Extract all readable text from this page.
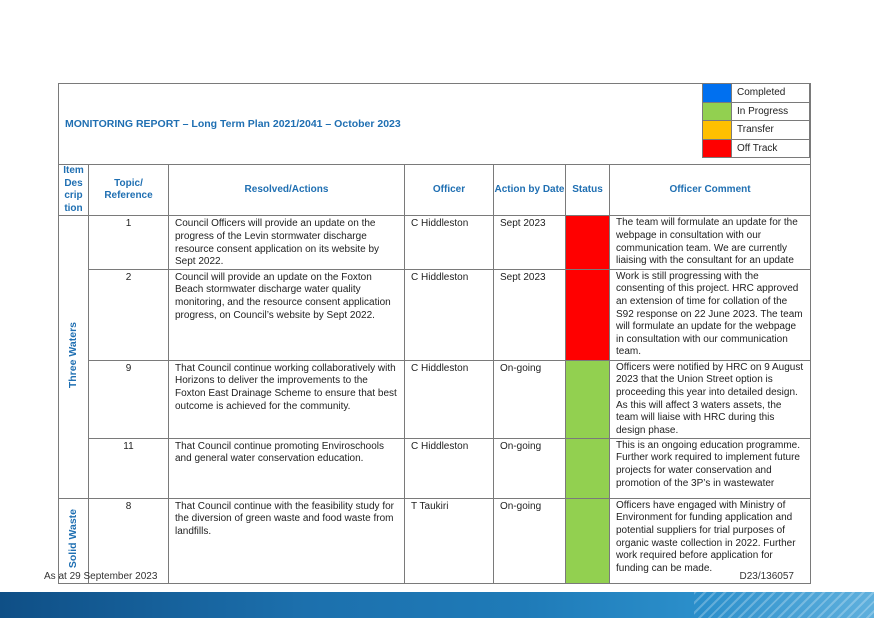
MONITORING REPORT – Long Term Plan 2021/2041 – October 2023						
Item Des crip tion	Topic/ Reference	Resolved/Actions	Officer	Action by Date	Status	Officer Comment
Three Waters	1	Council Officers will provide an update on the progress of the Levin stormwater discharge resource consent application on its website by Sept 2022.	C Hiddleston	Sept 2023		The team will formulate an update for the webpage in consultation with our communication team. We are currently liaising with the consultant for an update
	2	Council will provide an update on the Foxton Beach stormwater discharge water quality monitoring, and the resource consent application progress, on Council’s website by Sept 2022.	C Hiddleston	Sept 2023		Work is still progressing with the consenting of this project. HRC approved an extension of time for collation of the S92 response on 22 June 2023. The team will formulate an update for the webpage in consultation with our communication team.
	9	That Council continue working collaboratively with Horizons to deliver the improvements to the Foxton East Drainage Scheme to ensure that best outcome is achieved for the community.	C Hiddleston	On-going		Officers were notified by HRC on 9 August 2023 that the Union Street option is proceeding this year into detailed design. As this will affect 3 waters assets, the team will liaise with HRC during this design phase.
	11	That Council continue promoting Enviroschools and general water conservation education.	C Hiddleston	On-going		This is an ongoing education programme. Further work required to implement future projects for water conservation and promotion of the 3P’s in wastewater
Solid Waste	8	That Council continue with the feasibility study for the diversion of green waste and food waste from landfills.	T Taukiri	On-going		Officers have engaged with Ministry of Environment for funding application and potential suppliers for trial purposes of organic waste collection in 2022. Further work required before application for funding can be made.
	Completed
	In Progress
	Transfer
	Off Track
As at 29 September 2023	D23/136057
